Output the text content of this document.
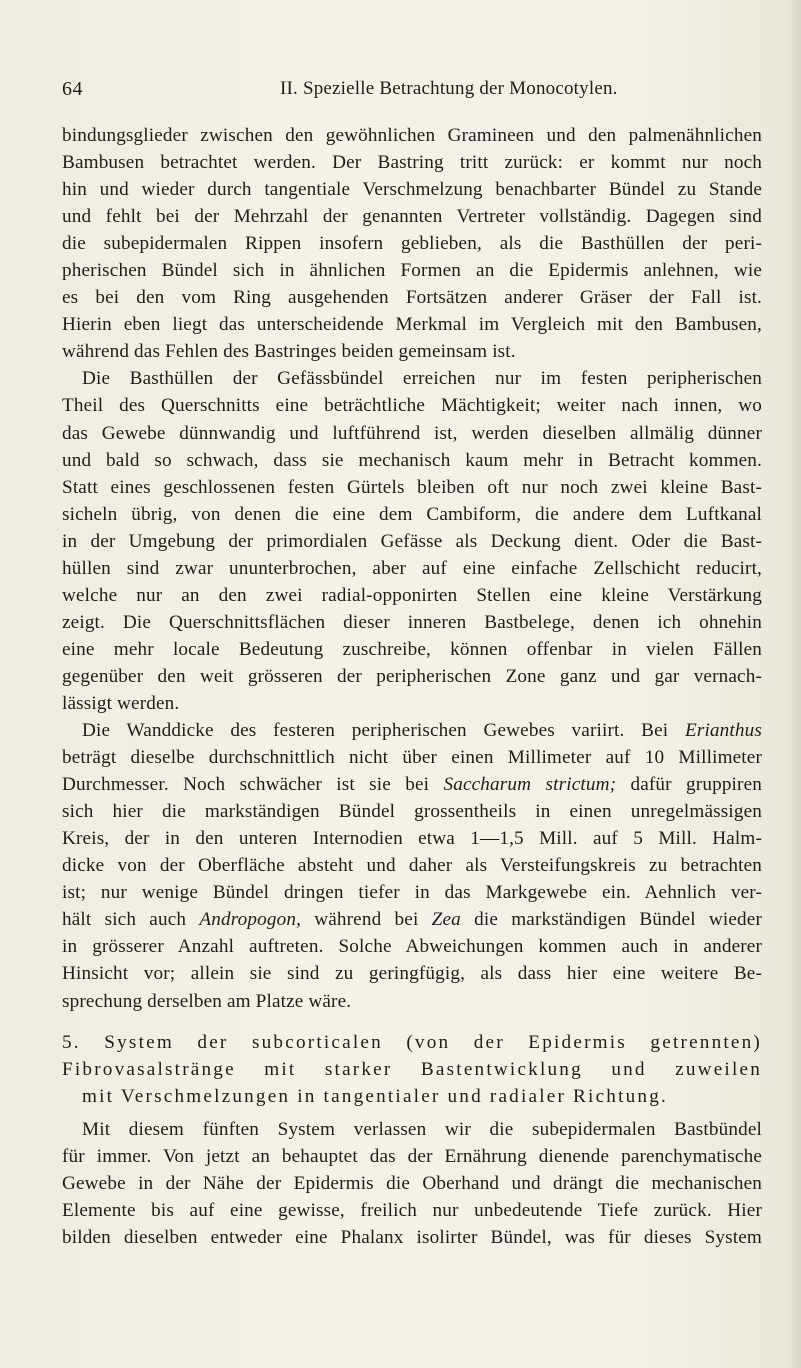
64	II. Spezielle Betrachtung der Monocotylen.
bindungsglieder zwischen den gewöhnlichen Gramineen und den palmenähnlichen
Bambusen betrachtet werden. Der Bastring tritt zurück: er kommt nur noch
hin und wieder durch tangentiale Verschmelzung benachbarter Bündel zu Stande
und fehlt bei der Mehrzahl der genannten Vertreter vollständig. Dagegen sind
die subepidermalen Rippen insofern geblieben, als die Basthüllen der peri-
pherischen Bündel sich in ähnlichen Formen an die Epidermis anlehnen, wie
es bei den vom Ring ausgehenden Fortsätzen anderer Gräser der Fall ist.
Hierin eben liegt das unterscheidende Merkmal im Vergleich mit den Bambusen,
während das Fehlen des Bastringes beiden gemeinsam ist.
Die Basthüllen der Gefässbündel erreichen nur im festen peripherischen
Theil des Querschnitts eine beträchtliche Mächtigkeit; weiter nach innen, wo
das Gewebe dünnwandig und luftführend ist, werden dieselben allmälig dünner
und bald so schwach, dass sie mechanisch kaum mehr in Betracht kommen.
Statt eines geschlossenen festen Gürtels bleiben oft nur noch zwei kleine Bast-
sicheln übrig, von denen die eine dem Cambiform, die andere dem Luftkanal
in der Umgebung der primordialen Gefässe als Deckung dient. Oder die Bast-
hüllen sind zwar ununterbrochen, aber auf eine einfache Zellschicht reducirt,
welche nur an den zwei radial-opponirten Stellen eine kleine Verstärkung
zeigt. Die Querschnittsflächen dieser inneren Bastbelege, denen ich ohnehin
eine mehr locale Bedeutung zuschreibe, können offenbar in vielen Fällen
gegenüber den weit grösseren der peripherischen Zone ganz und gar vernach-
lässigt werden.
Die Wanddicke des festeren peripherischen Gewebes variirt. Bei Erianthus
beträgt dieselbe durchschnittlich nicht über einen Millimeter auf 10 Millimeter
Durchmesser. Noch schwächer ist sie bei Saccharum strictum; dafür gruppiren
sich hier die markständigen Bündel grossentheils in einen unregelmässigen
Kreis, der in den unteren Internodien etwa 1—1,5 Mill. auf 5 Mill. Halm-
dicke von der Oberfläche absteht und daher als Versteifungskreis zu betrachten
ist; nur wenige Bündel dringen tiefer in das Markgewebe ein. Aehnlich ver-
hält sich auch Andropogon, während bei Zea die markständigen Bündel wieder
in grösserer Anzahl auftreten. Solche Abweichungen kommen auch in anderer
Hinsicht vor; allein sie sind zu geringfügig, als dass hier eine weitere Be-
sprechung derselben am Platze wäre.
5. System der subcorticalen (von der Epidermis getrennten)
Fibrovasalstränge mit starker Bastentwicklung und zuweilen
mit Verschmelzungen in tangentialer und radialer Richtung.
Mit diesem fünften System verlassen wir die subepidermalen Bastbündel
für immer. Von jetzt an behauptet das der Ernährung dienende parenchymatische
Gewebe in der Nähe der Epidermis die Oberhand und drängt die mechanischen
Elemente bis auf eine gewisse, freilich nur unbedeutende Tiefe zurück. Hier
bilden dieselben entweder eine Phalanx isolirter Bündel, was für dieses System
